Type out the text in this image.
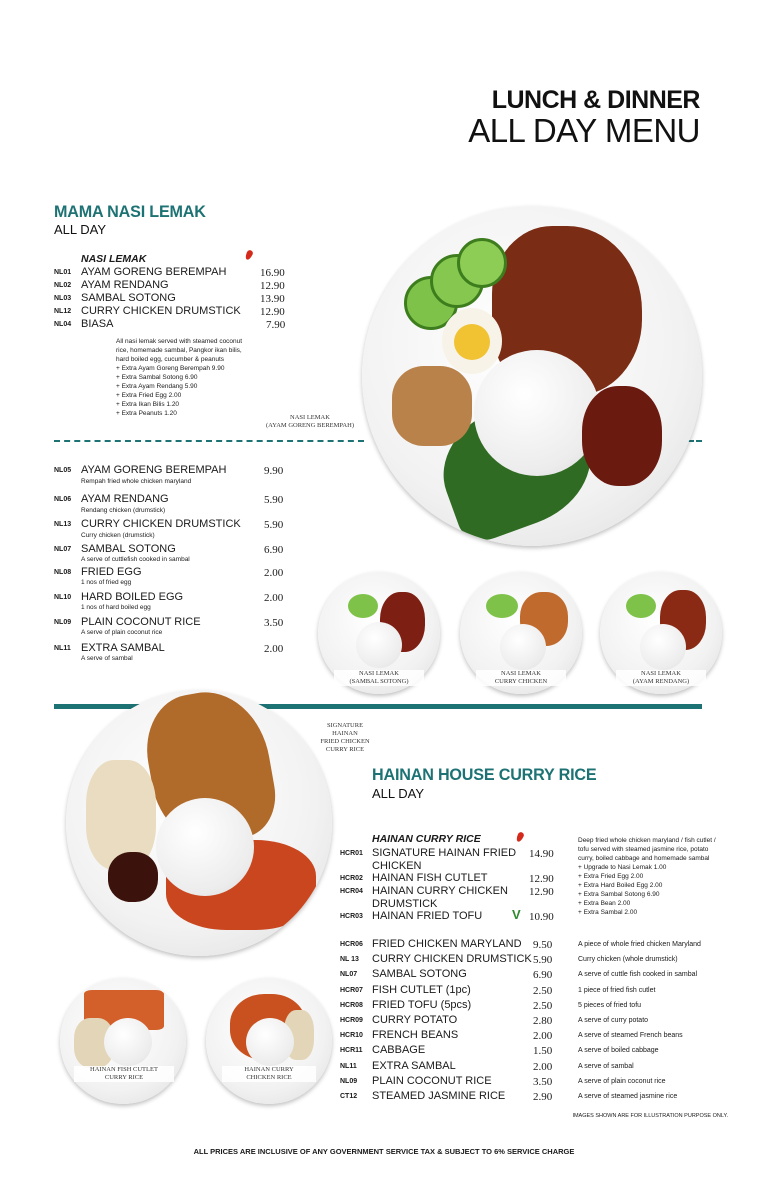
LUNCH & DINNER
ALL DAY MENU
MAMA NASI LEMAK
ALL DAY
NASI LEMAK
NL01 AYAM GORENG BEREMPAH	16.90
NL02 AYAM RENDANG	12.90
NL03 SAMBAL SOTONG	13.90
NL12 CURRY CHICKEN DRUMSTICK 12.90
NL04 BIASA	7.90
All nasi lemak served with steamed coconut
rice, homemade sambal, Pangkor ikan bilis,
hard boiled egg, cucumber & peanuts
+ Extra Ayam Goreng Berempah 9.90
+ Extra Sambal Sotong 6.90
+ Extra Ayam Rendang 5.90
+ Extra Fried Egg 2.00
+ Extra Ikan Bilis 1.20
+ Extra Peanuts 1.20
NASI LEMAK
(AYAM GORENG BEREMPAH)
NL05 AYAM GORENG BEREMPAH
Rempah fried whole chicken maryland
9.90
NL06 AYAM RENDANG
Rendang chicken (drumstick)
5.90
NL13 CURRY CHICKEN DRUMSTICK
Curry chicken (drumstick)
5.90
NL07 SAMBAL SOTONG
A serve of cuttlefish cooked in sambal
6.90
NL08 FRIED EGG
1 nos of fried egg
2.00
NL10 HARD BOILED EGG
1 nos of hard boiled egg
2.00
NL09 PLAIN COCONUT RICE
A serve of plain coconut rice
3.50
NL11 EXTRA SAMBAL
A serve of sambal
2.00
NASI LEMAK
(SAMBAL SOTONG)
NASI LEMAK
CURRY CHICKEN
NASI LEMAK
(AYAM RENDANG)
SIGNATURE
HAINAN
FRIED CHICKEN
CURRY RICE
HAINAN HOUSE CURRY RICE
ALL DAY
HAINAN CURRY RICE
HCR01 SIGNATURE HAINAN FRIED
CHICKEN
14.90
HCR02 HAINAN FISH CUTLET	12.90
HCR04 HAINAN CURRY CHICKEN
DRUMSTICK
12.90
HCR03 HAINAN FRIED TOFU V 10.90
Deep fried whole chicken maryland / fish cutlet /
tofu served with steamed jasmine rice, potato
curry, boiled cabbage and homemade sambal
+ Upgrade to Nasi Lemak 1.00
+ Extra Fried Egg 2.00
+ Extra Hard Boiled Egg 2.00
+ Extra Sambal Sotong 6.90
+ Extra Bean 2.00
+ Extra Sambal 2.00
HCR06 FRIED CHICKEN MARYLAND 9.50	A piece of whole fried chicken Maryland
NL 13 CURRY CHICKEN DRUMSTICK 5.90	Curry chicken (whole drumstick)
NL07 SAMBAL SOTONG	6.90	A serve of cuttle fish cooked in sambal
HCR07 FISH CUTLET (1pc)	2.50	1 piece of fried fish cutlet
HCR08 FRIED TOFU (5pcs)	2.50	5 pieces of fried tofu
HCR09 CURRY POTATO	2.80	A serve of curry potato
HCR10 FRENCH BEANS	2.00	A serve of steamed French beans
HCR11 CABBAGE	1.50	A serve of boiled cabbage
NL11 EXTRA SAMBAL	2.00	A serve of sambal
NL09 PLAIN COCONUT RICE	3.50	A serve of plain coconut rice
CT12 STEAMED JASMINE RICE	2.90	A serve of steamed jasmine rice
HAINAN FISH CUTLET
CURRY RICE
HAINAN CURRY
CHICKEN RICE
IMAGES SHOWN ARE FOR ILLUSTRATION PURPOSE ONLY.
ALL PRICES ARE INCLUSIVE OF ANY GOVERNMENT SERVICE TAX & SUBJECT TO 6% SERVICE CHARGE
